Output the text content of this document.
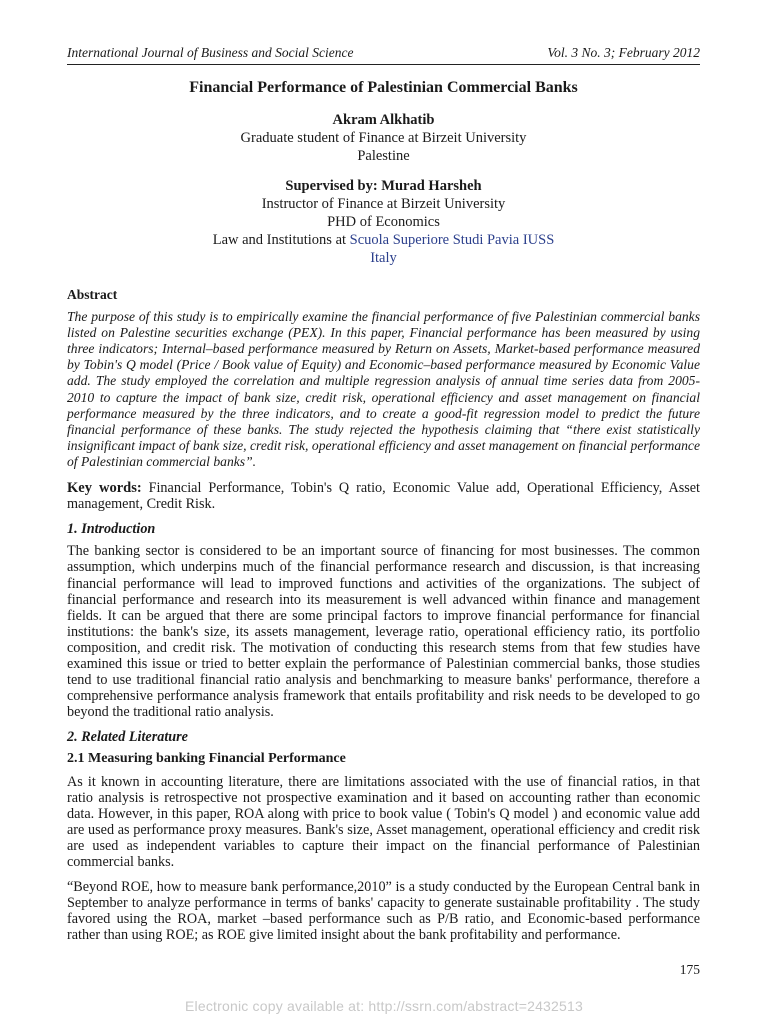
International Journal of Business and Social Science	Vol. 3 No. 3; February 2012
Financial Performance of Palestinian Commercial Banks
Akram Alkhatib
Graduate student of Finance at Birzeit University
Palestine
Supervised by: Murad Harsheh
Instructor of Finance at Birzeit University
PHD of Economics
Law and Institutions at Scuola Superiore Studi Pavia IUSS
Italy
Abstract

The purpose of this study is to empirically examine the financial performance of five Palestinian commercial banks listed on Palestine securities exchange (PEX). In this paper, Financial performance has been measured by using three indicators; Internal–based performance measured by Return on Assets, Market-based performance measured by Tobin's Q model (Price / Book value of Equity) and Economic–based performance measured by Economic Value add. The study employed the correlation and multiple regression analysis of annual time series data from 2005-2010 to capture the impact of bank size, credit risk, operational efficiency and asset management on financial performance measured by the three indicators, and to create a good-fit regression model to predict the future financial performance of these banks. The study rejected the hypothesis claiming that “there exist statistically insignificant impact of bank size, credit risk, operational efficiency and asset management on financial performance of Palestinian commercial banks”.

Key words: Financial Performance, Tobin's Q ratio, Economic Value add, Operational Efficiency, Asset management, Credit Risk.
1. Introduction

The banking sector is considered to be an important source of financing for most businesses. The common assumption, which underpins much of the financial performance research and discussion, is that increasing financial performance will lead to improved functions and activities of the organizations. The subject of financial performance and research into its measurement is well advanced within finance and management fields. It can be argued that there are some principal factors to improve financial performance for financial institutions: the bank's size, its assets management, leverage ratio, operational efficiency ratio, its portfolio composition, and credit risk. The motivation of conducting this research stems from that few studies have examined this issue or tried to better explain the performance of Palestinian commercial banks, those studies tend to use traditional financial ratio analysis and benchmarking to measure banks' performance, therefore a comprehensive performance analysis framework that entails profitability and risk needs to be developed to go beyond the traditional ratio analysis.

2. Related Literature
2.1 Measuring banking Financial Performance

As it known in accounting literature, there are limitations associated with the use of financial ratios, in that ratio analysis is retrospective not prospective examination and it based on accounting rather than economic data. However, in this paper, ROA along with price to book value ( Tobin's Q model ) and economic value add are used as performance proxy measures. Bank's size, Asset management, operational efficiency and credit risk are used as independent variables to capture their impact on the financial performance of Palestinian commercial banks.

“Beyond ROE, how to measure bank performance,2010” is a study conducted by the European Central bank in September to analyze performance in terms of banks' capacity to generate sustainable profitability . The study favored using the ROA, market –based performance such as P/B ratio, and Economic-based performance rather than using ROE; as ROE give limited insight about the bank profitability and performance.

175
Electronic copy available at: http://ssrn.com/abstract=2432513
